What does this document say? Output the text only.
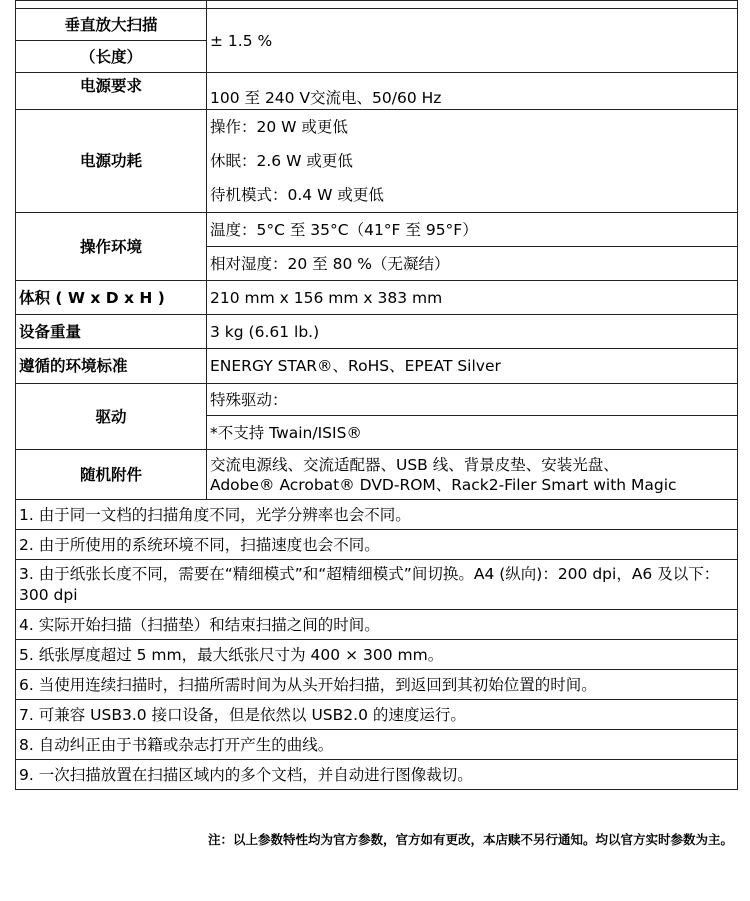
垂直放大扫描	± 1.5 %
（长度）	
电源要求	100 至 240 V交流电、50/60 Hz
电源功耗	操作：20 W 或更低
	休眠：2.6 W 或更低
	待机模式：0.4 W 或更低
操作环境	温度：5°C 至 35°C（41°F 至 95°F）
	相对湿度：20 至 80 %（无凝结）
体积 ( W x D x H )	210 mm x 156 mm x 383 mm
设备重量	3 kg (6.61 lb.)
遵循的环境标准	ENERGY STAR®、RoHS、EPEAT Silver
驱动	特殊驱动：
	*不支持 Twain/ISIS®
随机附件	交流电源线、交流适配器、USB 线、背景皮垫、安装光盘、
Adobe® Acrobat® DVD-ROM、Rack2-Filer Smart with Magic

1. 由于同一文档的扫描角度不同，光学分辨率也会不同。	
2. 由于所使用的系统环境不同，扫描速度也会不同。	
3. 由于纸张长度不同，需要在“精细模式”和“超精细模式”间切换。A4 (纵向)：200 dpi，A6 及以下：300 dpi	
4. 实际开始扫描（扫描垫）和结束扫描之间的时间。	
5. 纸张厚度超过 5 mm，最大纸张尺寸为 400 × 300 mm。	
6. 当使用连续扫描时，扫描所需时间为从头开始扫描，到返回到其初始位置的时间。	
7. 可兼容 USB3.0 接口设备，但是依然以 USB2.0 的速度运行。	
8. 自动纠正由于书籍或杂志打开产生的曲线。	
9. 一次扫描放置在扫描区域内的多个文档，并自动进行图像裁切。	
注：以上参数特性均为官方参数，官方如有更改，本店赎不另行通知。均以官方实时参数为主。
